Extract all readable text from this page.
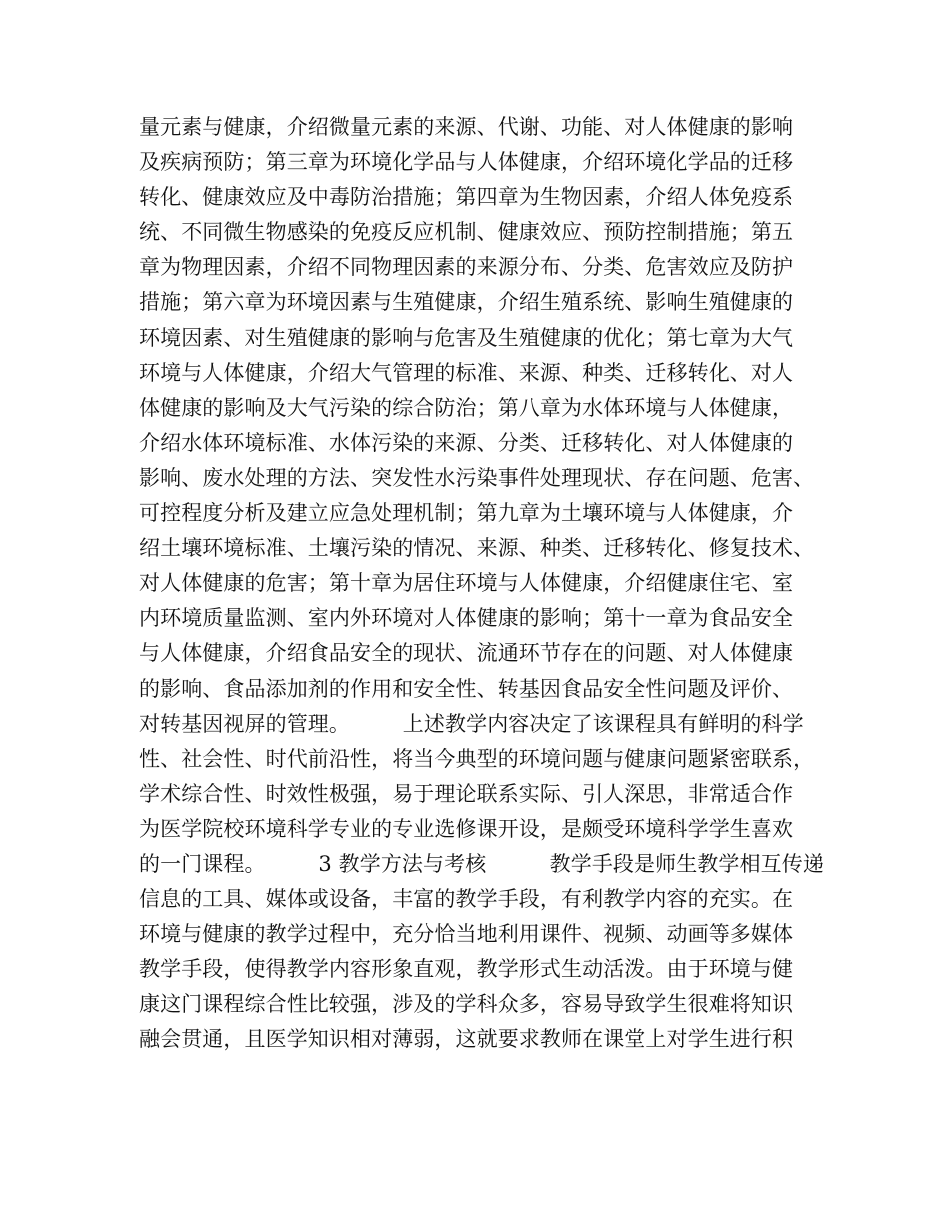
量元素与健康，介绍微量元素的来源、代谢、功能、对人体健康的影响
及疾病预防；第三章为环境化学品与人体健康，介绍环境化学品的迁移
转化、健康效应及中毒防治措施；第四章为生物因素，介绍人体免疫系
统、不同微生物感染的免疫反应机制、健康效应、预防控制措施；第五
章为物理因素，介绍不同物理因素的来源分布、分类、危害效应及防护
措施；第六章为环境因素与生殖健康，介绍生殖系统、影响生殖健康的
环境因素、对生殖健康的影响与危害及生殖健康的优化；第七章为大气
环境与人体健康，介绍大气管理的标准、来源、种类、迁移转化、对人
体健康的影响及大气污染的综合防治；第八章为水体环境与人体健康，
介绍水体环境标准、水体污染的来源、分类、迁移转化、对人体健康的
影响、废水处理的方法、突发性水污染事件处理现状、存在问题、危害、
可控程度分析及建立应急处理机制；第九章为土壤环境与人体健康，介
绍土壤环境标准、土壤污染的情况、来源、种类、迁移转化、修复技术、
对人体健康的危害；第十章为居住环境与人体健康，介绍健康住宅、室
内环境质量监测、室内外环境对人体健康的影响；第十一章为食品安全
与人体健康，介绍食品安全的现状、流通环节存在的问题、对人体健康
的影响、食品添加剂的作用和安全性、转基因食品安全性问题及评价、
对转基因视屏的管理。　　　上述教学内容决定了该课程具有鲜明的科学
性、社会性、时代前沿性，将当今典型的环境问题与健康问题紧密联系，
学术综合性、时效性极强，易于理论联系实际、引人深思，非常适合作
为医学院校环境科学专业的专业选修课开设，是颇受环境科学学生喜欢
的一门课程。　　　3 教学方法与考核　　　教学手段是师生教学相互传递
信息的工具、媒体或设备，丰富的教学手段，有利教学内容的充实。在
环境与健康的教学过程中，充分恰当地利用课件、视频、动画等多媒体
教学手段，使得教学内容形象直观，教学形式生动活泼。由于环境与健
康这门课程综合性比较强，涉及的学科众多，容易导致学生很难将知识
融会贯通，且医学知识相对薄弱，这就要求教师在课堂上对学生进行积
